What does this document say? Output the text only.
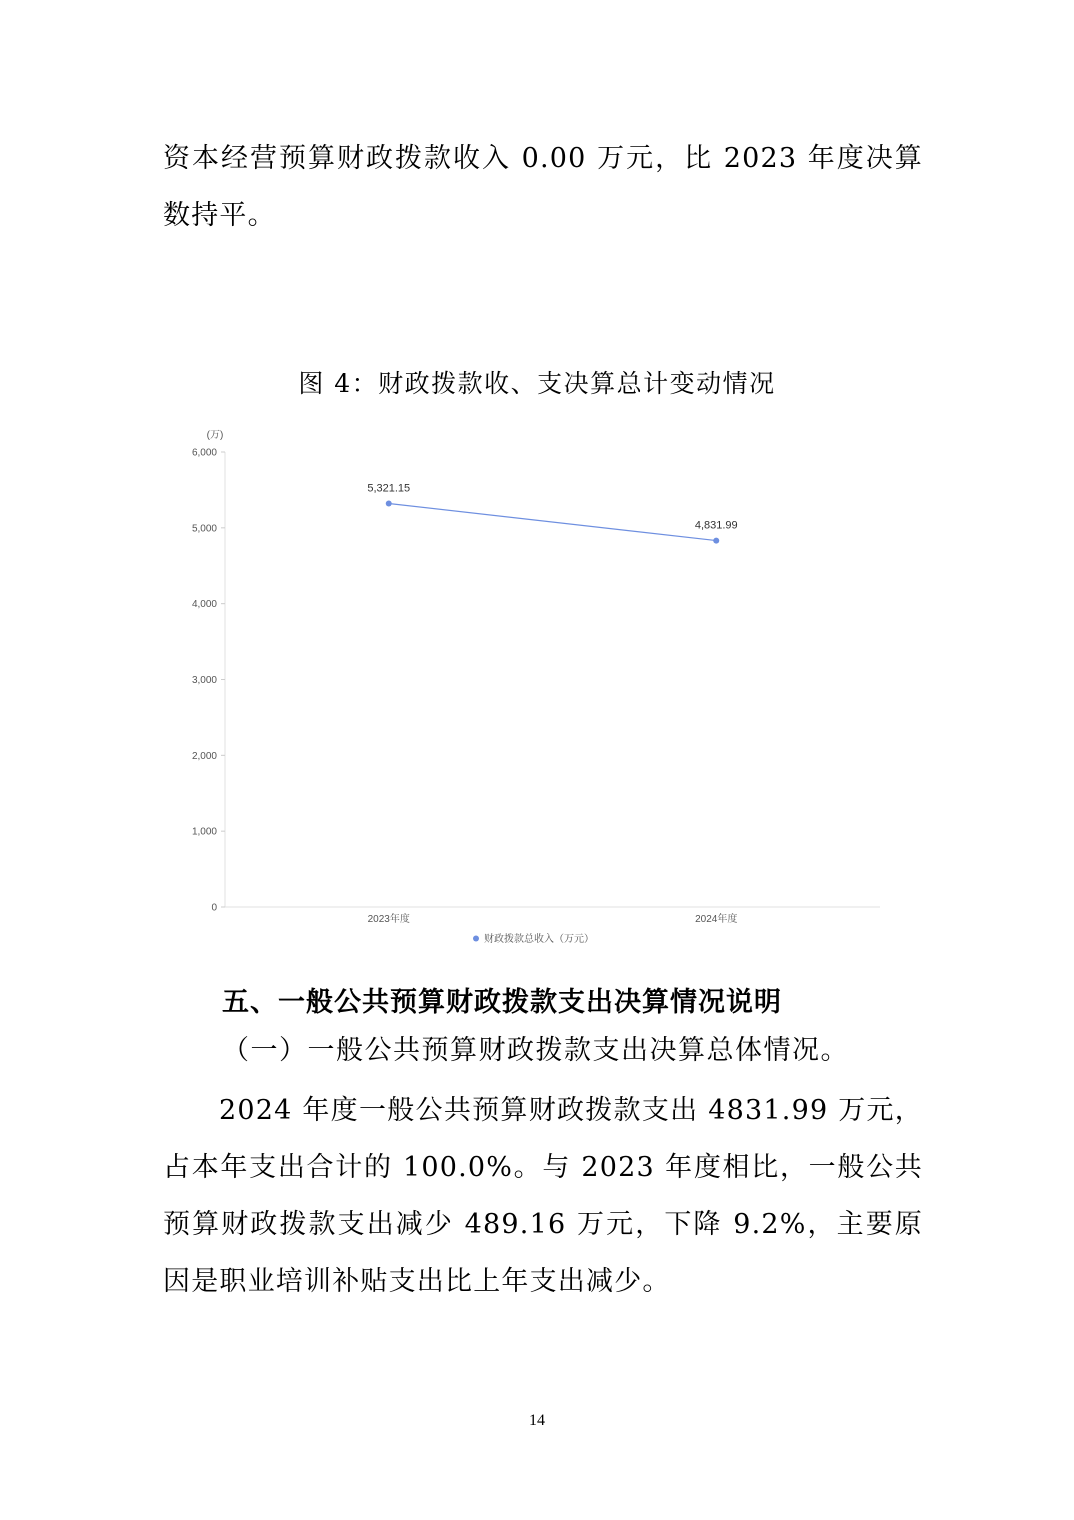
资本经营预算财政拨款收入 0.00 万元，比 2023 年度决算数持平。

图 4：财政拨款收、支决算总计变动情况

(万)
0
1,000
2,000
3,000
4,000
5,000
6,000
2023年度	2024年度
5,321.15
4,831.99
财政拨款总收入（万元）

五、一般公共预算财政拨款支出决算情况说明

（一）一般公共预算财政拨款支出决算总体情况。

2024 年度一般公共预算财政拨款支出 4831.99 万元，占本年支出合计的 100.0%。与 2023 年度相比，一般公共预算财政拨款支出减少 489.16 万元，下降 9.2%，主要原因是职业培训补贴支出比上年支出减少。

14
